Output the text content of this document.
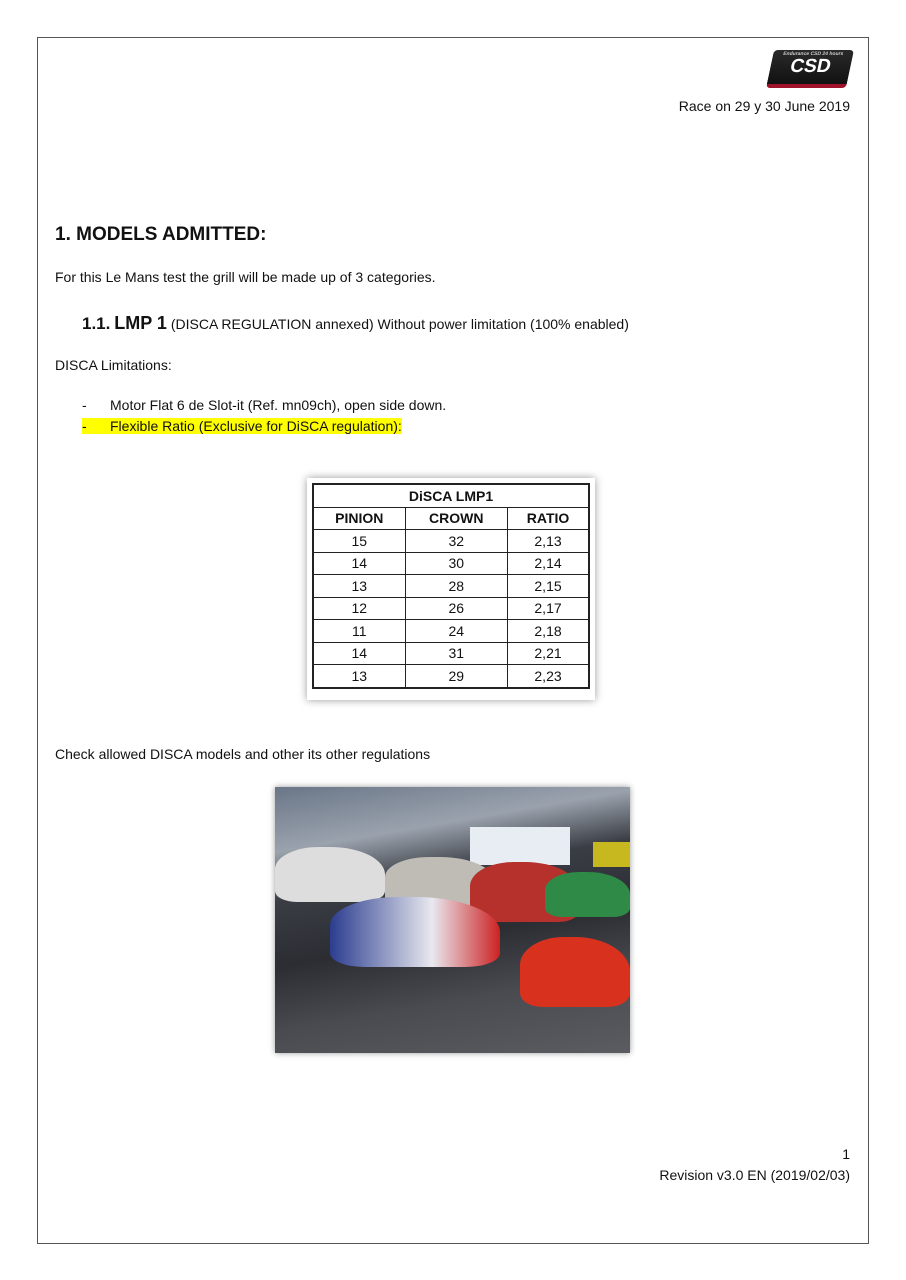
Endurance CSD 24 hours
CSD
Race on 29 y 30 June 2019
1. MODELS ADMITTED:
For this Le Mans test the grill will be made up of 3 categories.
1.1. LMP 1 (DISCA REGULATION annexed) Without power limitation (100% enabled)
DISCA Limitations:
-      Motor Flat 6 de Slot-it (Ref. mn09ch), open side down.
-      Flexible Ratio (Exclusive for DiSCA regulation):
DiSCA LMP1		
PINION	CROWN	RATIO
15	32	2,13
14	30	2,14
13	28	2,15
12	26	2,17
11	24	2,18
14	31	2,21
13	29	2,23
Check allowed DISCA models and other its other regulations
1
Revision v3.0 EN (2019/02/03)
